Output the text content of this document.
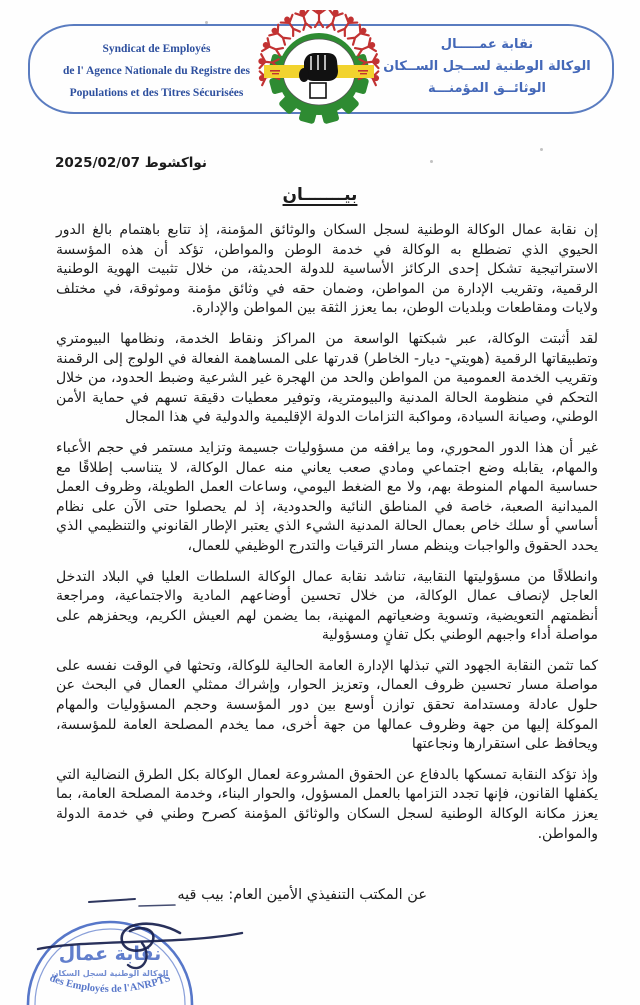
Syndicat de Employés
de l' Agence Nationale du Registre des
Populations et des Titres Sécurisées
نقابة عمـــــال
الوكالة الوطنية لســجل الســكان
الوثائــق المؤمنـــة
نواكشوط 2025/02/07
بيـــــــان

إن نقابة عمال الوكالة الوطنية لسجل السكان والوثائق المؤمنة، إذ تتابع باهتمام بالغ الدور الحيوي الذي تضطلع به الوكالة في خدمة الوطن والمواطن، تؤكد أن هذه المؤسسة الاستراتيجية تشكل إحدى الركائز الأساسية للدولة الحديثة، من خلال تثبيت الهوية الوطنية الرقمية، وتقريب الإدارة من المواطن، وضمان حقه في وثائق مؤمنة وموثوقة، في مختلف ولايات ومقاطعات وبلديات الوطن، بما يعزز الثقة بين المواطن والإدارة.

لقد أثبتت الوكالة، عبر شبكتها الواسعة من المراكز ونقاط الخدمة، ونظامها البيومتري وتطبيقاتها الرقمية (هويتي- ديار- الخاطر) قدرتها على المساهمة الفعالة في الولوج إلى الرقمنة وتقريب الخدمة العمومية من المواطن والحد من الهجرة غير الشرعية وضبط الحدود، من خلال التحكم في منظومة الحالة المدنية والبيومترية، وتوفير معطيات دقيقة تسهم في حماية الأمن الوطني، وصيانة السيادة، ومواكبة التزامات الدولة الإقليمية والدولية في هذا المجال

غير أن هذا الدور المحوري، وما يرافقه من مسؤوليات جسيمة وتزايد مستمر في حجم الأعباء والمهام، يقابله وضع اجتماعي ومادي صعب يعاني منه عمال الوكالة، لا يتناسب إطلاقًا مع حساسية المهام المنوطة بهم، ولا مع الضغط اليومي، وساعات العمل الطويلة، وظروف العمل الميدانية الصعبة، خاصة في المناطق النائية والحدودية، إذ لم يحصلوا حتى الآن على نظام أساسي أو سلك خاص بعمال الحالة المدنية الشيء الذي يعتبر الإطار القانوني والتنظيمي الذي يحدد الحقوق والواجبات وينظم مسار الترقيات والتدرج الوظيفي للعمال،

وانطلاقًا من مسؤوليتها النقابية، تناشد نقابة عمال الوكالة السلطات العليا في البلاد التدخل العاجل لإنصاف عمال الوكالة، من خلال تحسين أوضاعهم المادية والاجتماعية، ومراجعة أنظمتهم التعويضية، وتسوية وضعياتهم المهنية، بما يضمن لهم العيش الكريم، ويحفزهم على مواصلة أداء واجبهم الوطني بكل تفانٍ ومسؤولية

كما تثمن النقابة الجهود التي تبذلها الإدارة العامة الحالية للوكالة، وتحثها في الوقت نفسه على مواصلة مسار تحسين ظروف العمال، وتعزيز الحوار، وإشراك ممثلي العمال في البحث عن حلول عادلة ومستدامة تحقق توازن أوسع بين دور المؤسسة وحجم المسؤوليات والمهام الموكلة إليها من جهة وظروف عمالها من جهة أخرى، مما يخدم المصلحة العامة للمؤسسة، ويحافظ على استقرارها ونجاعتها

وإذ تؤكد النقابة تمسكها بالدفاع عن الحقوق المشروعة لعمال الوكالة بكل الطرق النضالية التي يكفلها القانون، فإنها تجدد التزامها بالعمل المسؤول، والحوار البناء، وخدمة المصلحة العامة، بما يعزز مكانة الوكالة الوطنية لسجل السكان والوثائق المؤمنة كصرح وطني في خدمة الدولة والمواطن.

عن المكتب التنفيذي الأمين العام: بيب قيه
نقابة عمال
الوكالة الوطنية لسجل السكان
des Employés de l'ANRPTS
